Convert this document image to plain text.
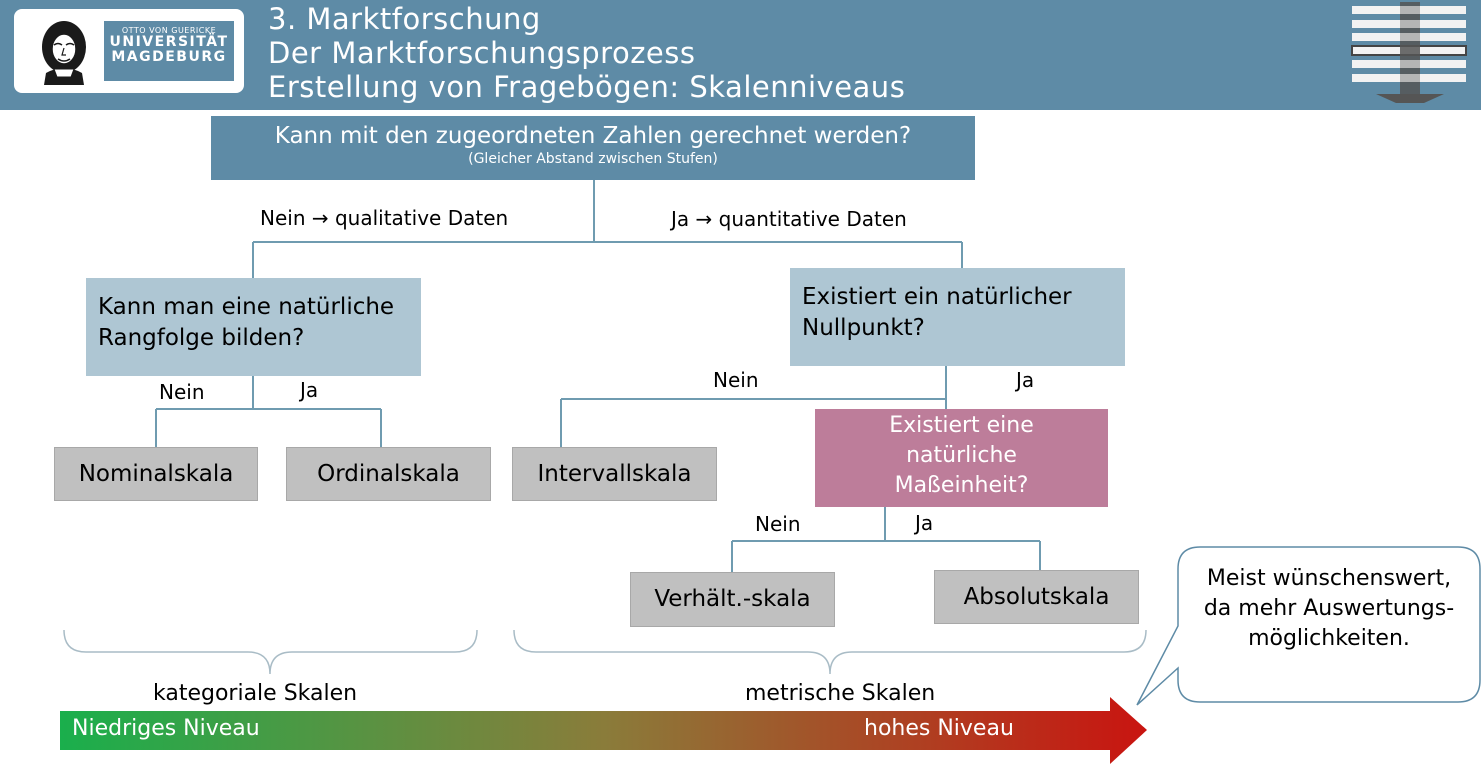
OTTO VON GUERICKE
UNIVERSITÄT
MAGDEBURG
3. Marktforschung
Der Marktforschungsprozess
Erstellung von Fragebögen: Skalenniveaus
Kann mit den zugeordneten Zahlen gerechnet werden?
(Gleicher Abstand zwischen Stufen)
Nein → qualitative Daten	Ja → quantitative Daten
Kann man eine natürliche Rangfolge bilden?
Nein	Ja
Existiert ein natürlicher Nullpunkt?
Nein	Ja
Existiert eine natürliche Maßeinheit?
Nein	Ja
Nominalskala	Ordinalskala	Intervallskala
Verhält.-skala	Absolutskala
kategoriale Skalen	metrische Skalen
Niedriges Niveau	hohes Niveau
Meist wünschenswert, da mehr Auswertungs-möglichkeiten.
